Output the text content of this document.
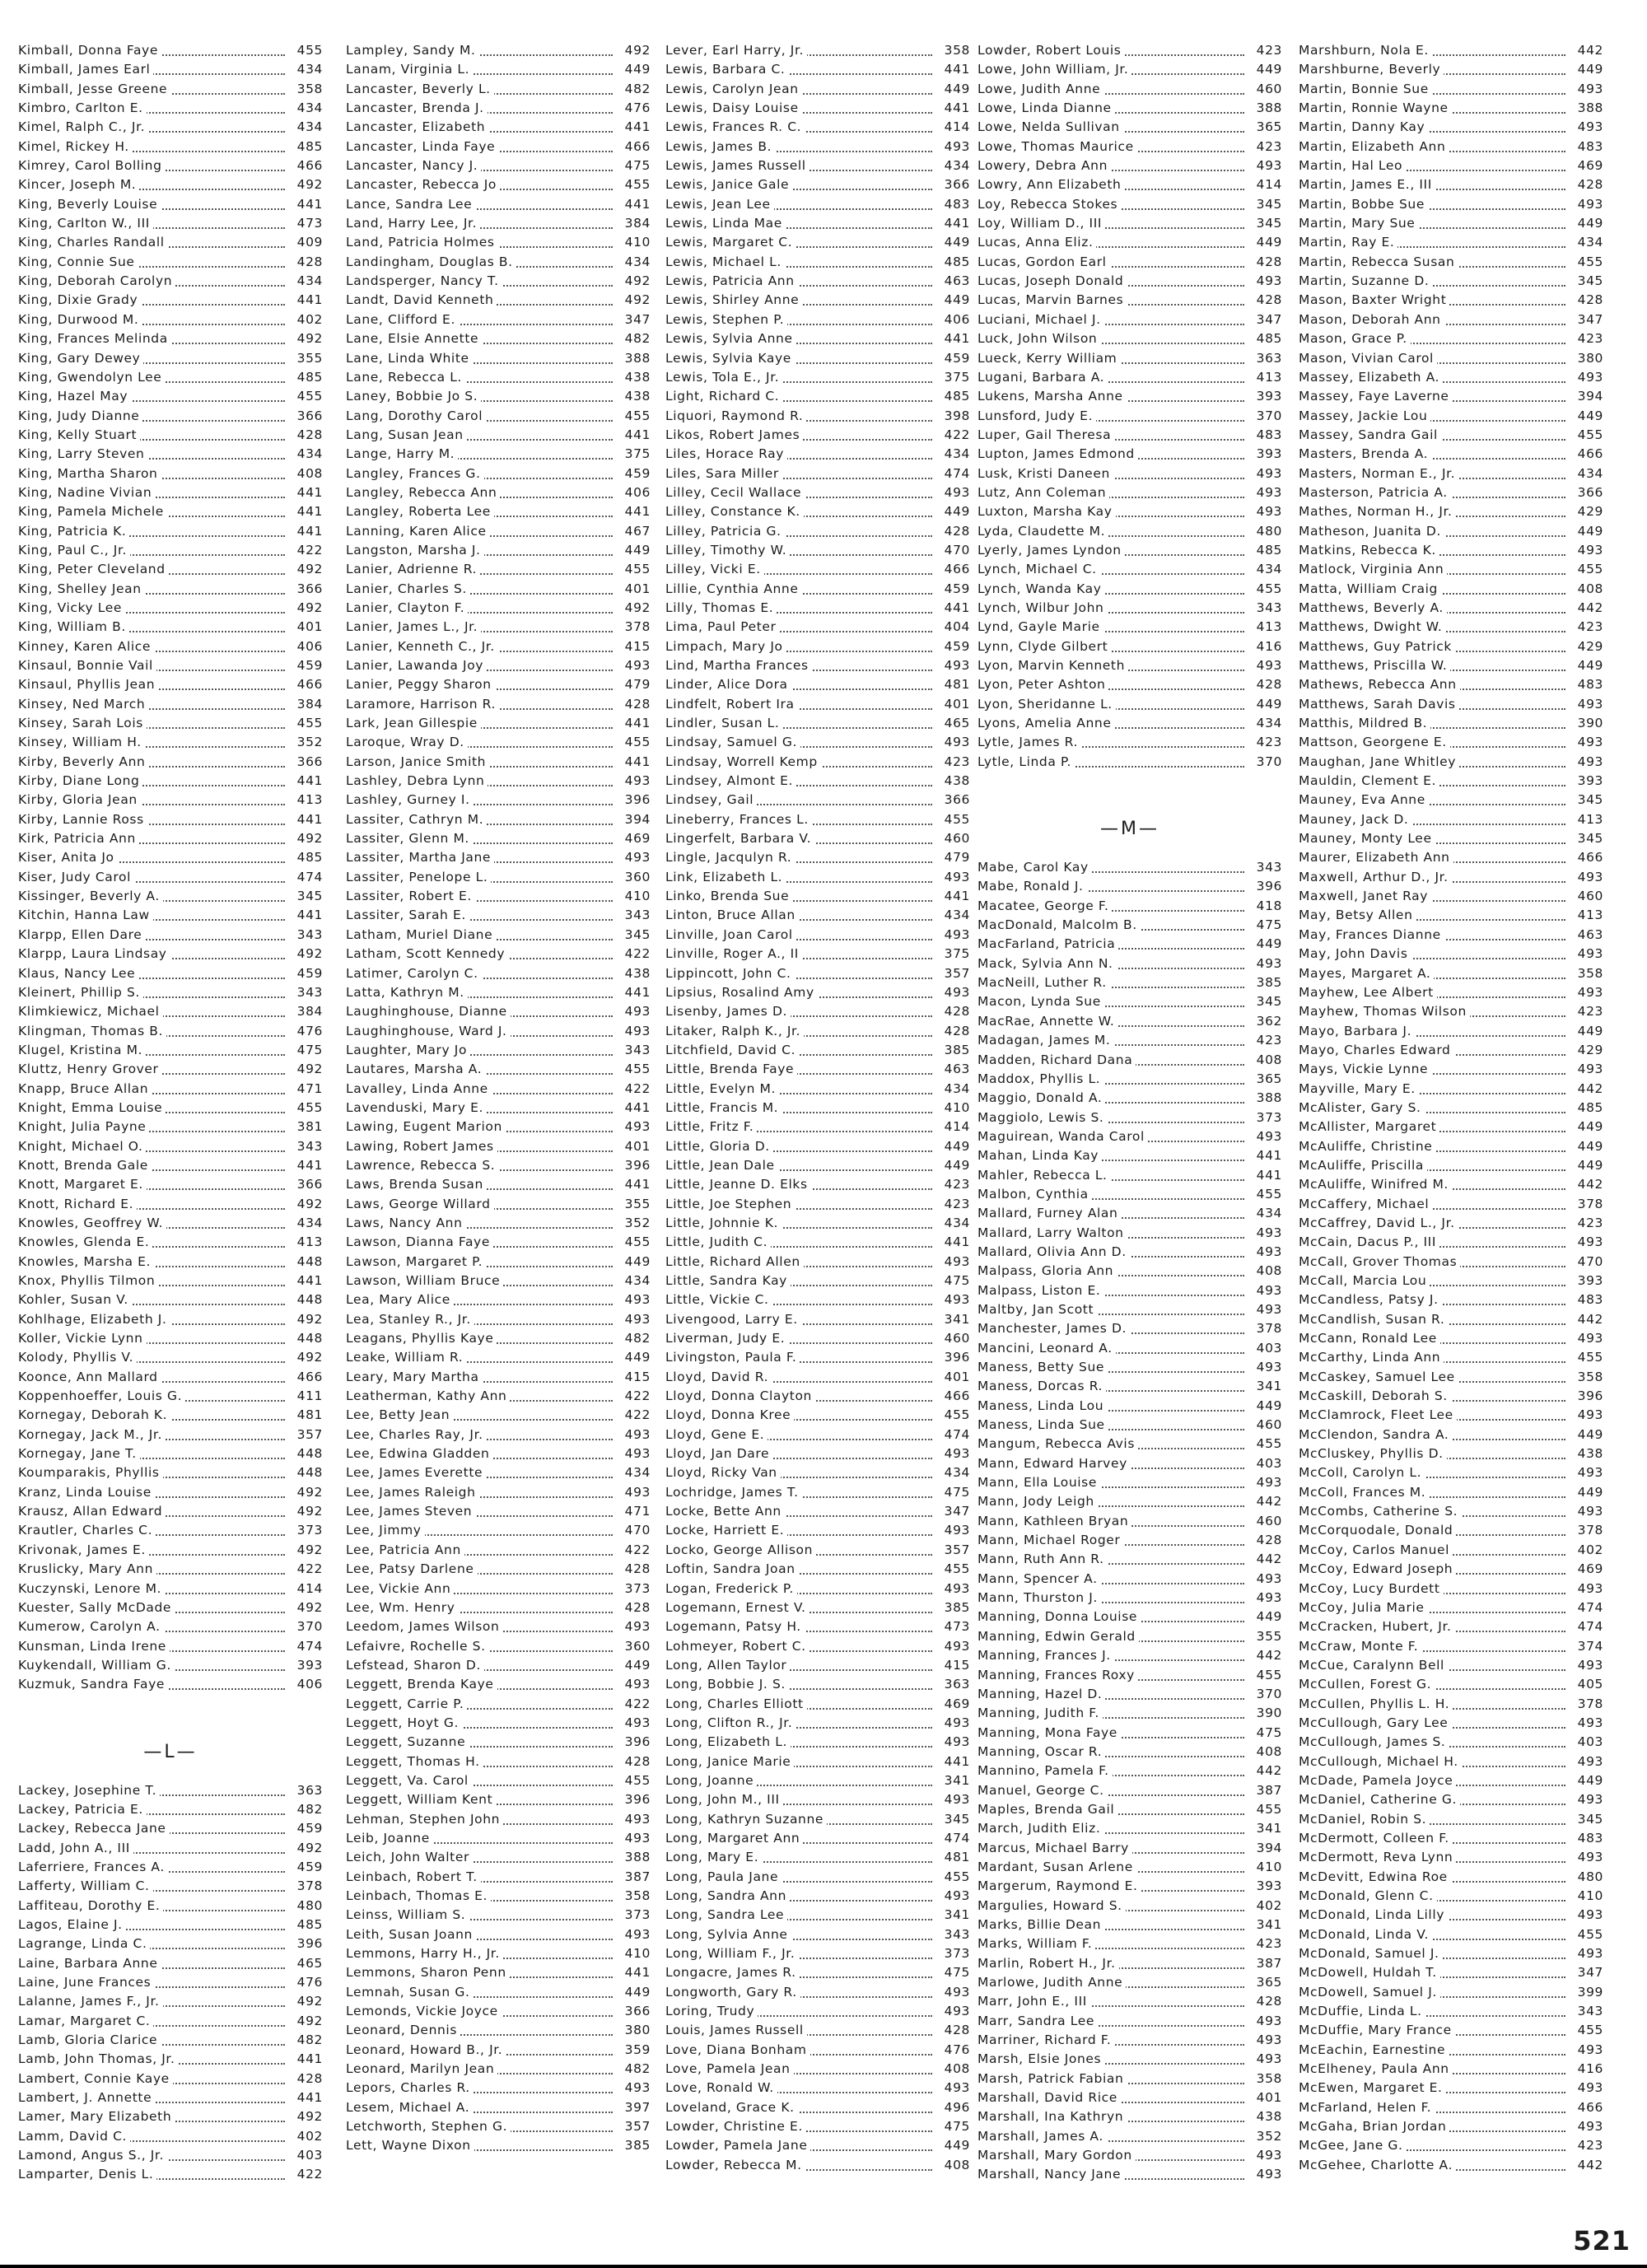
Kimball, Donna Faye	455
Kimball, James Earl	434
Kimball, Jesse Greene	358
Kimbro, Carlton E.	434
Kimel, Ralph C., Jr.	434
Kimel, Rickey H.	485
Kimrey, Carol Bolling	466
Kincer, Joseph M.	492
King, Beverly Louise	441
King, Carlton W., III	473
King, Charles Randall	409
King, Connie Sue	428
King, Deborah Carolyn	434
King, Dixie Grady	441
King, Durwood M.	402
King, Frances Melinda	492
King, Gary Dewey	355
King, Gwendolyn Lee	485
King, Hazel May	455
King, Judy Dianne	366
King, Kelly Stuart	428
King, Larry Steven	434
King, Martha Sharon	408
King, Nadine Vivian	441
King, Pamela Michele	441
King, Patricia K.	441
King, Paul C., Jr.	422
King, Peter Cleveland	492
King, Shelley Jean	366
King, Vicky Lee	492
King, William B.	401
Kinney, Karen Alice	406
Kinsaul, Bonnie Vail	459
Kinsaul, Phyllis Jean	466
Kinsey, Ned March	384
Kinsey, Sarah Lois	455
Kinsey, William H.	352
Kirby, Beverly Ann	366
Kirby, Diane Long	441
Kirby, Gloria Jean	413
Kirby, Lannie Ross	441
Kirk, Patricia Ann	492
Kiser, Anita Jo	485
Kiser, Judy Carol	474
Kissinger, Beverly A.	345
Kitchin, Hanna Law	441
Klarpp, Ellen Dare	343
Klarpp, Laura Lindsay	492
Klaus, Nancy Lee	459
Kleinert, Phillip S.	343
Klimkiewicz, Michael	384
Klingman, Thomas B.	476
Klugel, Kristina M.	475
Kluttz, Henry Grover	492
Knapp, Bruce Allan	471
Knight, Emma Louise	455
Knight, Julia Payne	381
Knight, Michael O.	343
Knott, Brenda Gale	441
Knott, Margaret E.	366
Knott, Richard E.	492
Knowles, Geoffrey W.	434
Knowles, Glenda E.	413
Knowles, Marsha E.	448
Knox, Phyllis Tilmon	441
Kohler, Susan V.	448
Kohlhage, Elizabeth J.	492
Koller, Vickie Lynn	448
Kolody, Phyllis V.	492
Koonce, Ann Mallard	466
Koppenhoeffer, Louis G.	411
Kornegay, Deborah K.	481
Kornegay, Jack M., Jr.	357
Kornegay, Jane T.	448
Koumparakis, Phyllis	448
Kranz, Linda Louise	492
Krausz, Allan Edward	492
Krautler, Charles C.	373
Krivonak, James E.	492
Kruslicky, Mary Ann	422
Kuczynski, Lenore M.	414
Kuester, Sally McDade	492
Kumerow, Carolyn A.	370
Kunsman, Linda Irene	474
Kuykendall, William G.	393
Kuzmuk, Sandra Faye	406
—L—
Lackey, Josephine T.	363
Lackey, Patricia E.	482
Lackey, Rebecca Jane	459
Ladd, John A., III	492
Laferriere, Frances A.	459
Lafferty, William C.	378
Laffiteau, Dorothy E.	480
Lagos, Elaine J.	485
Lagrange, Linda C.	396
Laine, Barbara Anne	465
Laine, June Frances	476
Lalanne, James F., Jr.	492
Lamar, Margaret C.	492
Lamb, Gloria Clarice	482
Lamb, John Thomas, Jr.	441
Lambert, Connie Kaye	428
Lambert, J. Annette	441
Lamer, Mary Elizabeth	492
Lamm, David C.	402
Lamond, Angus S., Jr.	403
Lamparter, Denis L.	422
Lampley, Sandy M.	492
Lanam, Virginia L.	449
Lancaster, Beverly L.	482
Lancaster, Brenda J.	476
Lancaster, Elizabeth	441
Lancaster, Linda Faye	466
Lancaster, Nancy J.	475
Lancaster, Rebecca Jo	455
Lance, Sandra Lee	441
Land, Harry Lee, Jr.	384
Land, Patricia Holmes	410
Landingham, Douglas B.	434
Landsperger, Nancy T.	492
Landt, David Kenneth	492
Lane, Clifford E.	347
Lane, Elsie Annette	482
Lane, Linda White	388
Lane, Rebecca L.	438
Laney, Bobbie Jo S.	438
Lang, Dorothy Carol	455
Lang, Susan Jean	441
Lange, Harry M.	375
Langley, Frances G.	459
Langley, Rebecca Ann	406
Langley, Roberta Lee	441
Lanning, Karen Alice	467
Langston, Marsha J.	449
Lanier, Adrienne R.	455
Lanier, Charles S.	401
Lanier, Clayton F.	492
Lanier, James L., Jr.	378
Lanier, Kenneth C., Jr.	415
Lanier, Lawanda Joy	493
Lanier, Peggy Sharon	479
Laramore, Harrison R.	428
Lark, Jean Gillespie	441
Laroque, Wray D.	455
Larson, Janice Smith	441
Lashley, Debra Lynn	493
Lashley, Gurney I.	396
Lassiter, Cathryn M.	394
Lassiter, Glenn M.	469
Lassiter, Martha Jane	493
Lassiter, Penelope L.	360
Lassiter, Robert E.	410
Lassiter, Sarah E.	343
Latham, Muriel Diane	345
Latham, Scott Kennedy	422
Latimer, Carolyn C.	438
Latta, Kathryn M.	441
Laughinghouse, Dianne	493
Laughinghouse, Ward J.	493
Laughter, Mary Jo	343
Lautares, Marsha A.	455
Lavalley, Linda Anne	422
Lavenduski, Mary E.	441
Lawing, Eugent Marion	493
Lawing, Robert James	401
Lawrence, Rebecca S.	396
Laws, Brenda Susan	441
Laws, George Willard	355
Laws, Nancy Ann	352
Lawson, Dianna Faye	455
Lawson, Margaret P.	449
Lawson, William Bruce	434
Lea, Mary Alice	493
Lea, Stanley R., Jr.	493
Leagans, Phyllis Kaye	482
Leake, William R.	449
Leary, Mary Martha	415
Leatherman, Kathy Ann	422
Lee, Betty Jean	422
Lee, Charles Ray, Jr.	493
Lee, Edwina Gladden	493
Lee, James Everette	434
Lee, James Raleigh	493
Lee, James Steven	471
Lee, Jimmy	470
Lee, Patricia Ann	422
Lee, Patsy Darlene	428
Lee, Vickie Ann	373
Lee, Wm. Henry	428
Leedom, James Wilson	493
Lefaivre, Rochelle S.	360
Lefstead, Sharon D.	449
Leggett, Brenda Kaye	493
Leggett, Carrie P.	422
Leggett, Hoyt G.	493
Leggett, Suzanne	396
Leggett, Thomas H.	428
Leggett, Va. Carol	455
Leggett, William Kent	396
Lehman, Stephen John	493
Leib, Joanne	493
Leich, John Walter	388
Leinbach, Robert T.	387
Leinbach, Thomas E.	358
Leinss, William S.	373
Leith, Susan Joann	493
Lemmons, Harry H., Jr.	410
Lemmons, Sharon Penn	441
Lemnah, Susan G.	449
Lemonds, Vickie Joyce	366
Leonard, Dennis	380
Leonard, Howard B., Jr.	359
Leonard, Marilyn Jean	482
Lepors, Charles R.	493
Lesem, Michael A.	397
Letchworth, Stephen G.	357
Lett, Wayne Dixon	385
Lever, Earl Harry, Jr.	358
Lewis, Barbara C.	441
Lewis, Carolyn Jean	449
Lewis, Daisy Louise	441
Lewis, Frances R. C.	414
Lewis, James B.	493
Lewis, James Russell	434
Lewis, Janice Gale	366
Lewis, Jean Lee	483
Lewis, Linda Mae	441
Lewis, Margaret C.	449
Lewis, Michael L.	485
Lewis, Patricia Ann	463
Lewis, Shirley Anne	449
Lewis, Stephen P.	406
Lewis, Sylvia Anne	441
Lewis, Sylvia Kaye	459
Lewis, Tola E., Jr.	375
Light, Richard C.	485
Liquori, Raymond R.	398
Likos, Robert James	422
Liles, Horace Ray	434
Liles, Sara Miller	474
Lilley, Cecil Wallace	493
Lilley, Constance K.	449
Lilley, Patricia G.	428
Lilley, Timothy W.	470
Lilley, Vicki E.	466
Lillie, Cynthia Anne	459
Lilly, Thomas E.	441
Lima, Paul Peter	404
Limpach, Mary Jo	459
Lind, Martha Frances	493
Linder, Alice Dora	481
Lindfelt, Robert Ira	401
Lindler, Susan L.	465
Lindsay, Samuel G.	493
Lindsay, Worrell Kemp	423
Lindsey, Almont E.	438
Lindsey, Gail	366
Lineberry, Frances L.	455
Lingerfelt, Barbara V.	460
Lingle, Jacqulyn R.	479
Link, Elizabeth L.	493
Linko, Brenda Sue	441
Linton, Bruce Allan	434
Linville, Joan Carol	493
Linville, Roger A., II	375
Lippincott, John C.	357
Lipsius, Rosalind Amy	493
Lisenby, James D.	428
Litaker, Ralph K., Jr.	428
Litchfield, David C.	385
Little, Brenda Faye	463
Little, Evelyn M.	434
Little, Francis M.	410
Little, Fritz F.	414
Little, Gloria D.	449
Little, Jean Dale	449
Little, Jeanne D. Elks	423
Little, Joe Stephen	423
Little, Johnnie K.	434
Little, Judith C.	441
Little, Richard Allen	493
Little, Sandra Kay	475
Little, Vickie C.	493
Livengood, Larry E.	341
Liverman, Judy E.	460
Livingston, Paula F.	396
Lloyd, David R.	401
Lloyd, Donna Clayton	466
Lloyd, Donna Kree	455
Lloyd, Gene E.	474
Lloyd, Jan Dare	493
Lloyd, Ricky Van	434
Lochridge, James T.	475
Locke, Bette Ann	347
Locke, Harriett E.	493
Locko, George Allison	357
Loftin, Sandra Joan	455
Logan, Frederick P.	493
Logemann, Ernest V.	385
Logemann, Patsy H.	473
Lohmeyer, Robert C.	493
Long, Allen Taylor	415
Long, Bobbie J. S.	363
Long, Charles Elliott	469
Long, Clifton R., Jr.	493
Long, Elizabeth L.	493
Long, Janice Marie	441
Long, Joanne	341
Long, John M., III	493
Long, Kathryn Suzanne	345
Long, Margaret Ann	474
Long, Mary E.	481
Long, Paula Jane	455
Long, Sandra Ann	493
Long, Sandra Lee	341
Long, Sylvia Anne	343
Long, William F., Jr.	373
Longacre, James R.	475
Longworth, Gary R.	493
Loring, Trudy	493
Louis, James Russell	428
Love, Diana Bonham	476
Love, Pamela Jean	408
Love, Ronald W.	493
Loveland, Grace K.	496
Lowder, Christine E.	475
Lowder, Pamela Jane	449
Lowder, Rebecca M.	408
Lowder, Robert Louis	423
Lowe, John William, Jr.	449
Lowe, Judith Anne	460
Lowe, Linda Dianne	388
Lowe, Nelda Sullivan	365
Lowe, Thomas Maurice	423
Lowery, Debra Ann	493
Lowry, Ann Elizabeth	414
Loy, Rebecca Stokes	345
Loy, William D., III	345
Lucas, Anna Eliz.	449
Lucas, Gordon Earl	428
Lucas, Joseph Donald	493
Lucas, Marvin Barnes	428
Luciani, Michael J.	347
Luck, John Wilson	485
Lueck, Kerry William	363
Lugani, Barbara A.	413
Lukens, Marsha Anne	393
Lunsford, Judy E.	370
Luper, Gail Theresa	483
Lupton, James Edmond	393
Lusk, Kristi Daneen	493
Lutz, Ann Coleman	493
Luxton, Marsha Kay	493
Lyda, Claudette M.	480
Lyerly, James Lyndon	485
Lynch, Michael C.	434
Lynch, Wanda Kay	455
Lynch, Wilbur John	343
Lynd, Gayle Marie	413
Lynn, Clyde Gilbert	416
Lyon, Marvin Kenneth	493
Lyon, Peter Ashton	428
Lyon, Sheridanne L.	449
Lyons, Amelia Anne	434
Lytle, James R.	423
Lytle, Linda P.	370
—M—
Mabe, Carol Kay	343
Mabe, Ronald J.	396
Macatee, George F.	418
MacDonald, Malcolm B.	475
MacFarland, Patricia	449
Mack, Sylvia Ann N.	493
MacNeill, Luther R.	385
Macon, Lynda Sue	345
MacRae, Annette W.	362
Madagan, James M.	423
Madden, Richard Dana	408
Maddox, Phyllis L.	365
Maggio, Donald A.	388
Maggiolo, Lewis S.	373
Maguirean, Wanda Carol	493
Mahan, Linda Kay	441
Mahler, Rebecca L.	441
Malbon, Cynthia	455
Mallard, Furney Alan	434
Mallard, Larry Walton	493
Mallard, Olivia Ann D.	493
Malpass, Gloria Ann	408
Malpass, Liston E.	493
Maltby, Jan Scott	493
Manchester, James D.	378
Mancini, Leonard A.	403
Maness, Betty Sue	493
Maness, Dorcas R.	341
Maness, Linda Lou	449
Maness, Linda Sue	460
Mangum, Rebecca Avis	455
Mann, Edward Harvey	403
Mann, Ella Louise	493
Mann, Jody Leigh	442
Mann, Kathleen Bryan	460
Mann, Michael Roger	428
Mann, Ruth Ann R.	442
Mann, Spencer A.	493
Mann, Thurston J.	493
Manning, Donna Louise	449
Manning, Edwin Gerald	355
Manning, Frances J.	442
Manning, Frances Roxy	455
Manning, Hazel D.	370
Manning, Judith F.	390
Manning, Mona Faye	475
Manning, Oscar R.	408
Mannino, Pamela F.	442
Manuel, George C.	387
Maples, Brenda Gail	455
March, Judith Eliz.	341
Marcus, Michael Barry	394
Mardant, Susan Arlene	410
Margerum, Raymond E.	393
Margulies, Howard S.	402
Marks, Billie Dean	341
Marks, William F.	423
Marlin, Robert H., Jr.	387
Marlowe, Judith Anne	365
Marr, John E., III	428
Marr, Sandra Lee	493
Marriner, Richard F.	493
Marsh, Elsie Jones	493
Marsh, Patrick Fabian	358
Marshall, David Rice	401
Marshall, Ina Kathryn	438
Marshall, James A.	352
Marshall, Mary Gordon	493
Marshall, Nancy Jane	493
Marshburn, Nola E.	442
Marshburne, Beverly	449
Martin, Bonnie Sue	493
Martin, Ronnie Wayne	388
Martin, Danny Kay	493
Martin, Elizabeth Ann	483
Martin, Hal Leo	469
Martin, James E., III	428
Martin, Bobbe Sue	493
Martin, Mary Sue	449
Martin, Ray E.	434
Martin, Rebecca Susan	455
Martin, Suzanne D.	345
Mason, Baxter Wright	428
Mason, Deborah Ann	347
Mason, Grace P.	423
Mason, Vivian Carol	380
Massey, Elizabeth A.	493
Massey, Faye Laverne	394
Massey, Jackie Lou	449
Massey, Sandra Gail	455
Masters, Brenda A.	466
Masters, Norman E., Jr.	434
Masterson, Patricia A.	366
Mathes, Norman H., Jr.	429
Matheson, Juanita D.	449
Matkins, Rebecca K.	493
Matlock, Virginia Ann	455
Matta, William Craig	408
Matthews, Beverly A.	442
Matthews, Dwight W.	423
Matthews, Guy Patrick	429
Matthews, Priscilla W.	449
Mathews, Rebecca Ann	483
Matthews, Sarah Davis	493
Matthis, Mildred B.	390
Mattson, Georgene E.	493
Maughan, Jane Whitley	493
Mauldin, Clement E.	393
Mauney, Eva Anne	345
Mauney, Jack D.	413
Mauney, Monty Lee	345
Maurer, Elizabeth Ann	466
Maxwell, Arthur D., Jr.	493
Maxwell, Janet Ray	460
May, Betsy Allen	413
May, Frances Dianne	463
May, John Davis	493
Mayes, Margaret A.	358
Mayhew, Lee Albert	493
Mayhew, Thomas Wilson	423
Mayo, Barbara J.	449
Mayo, Charles Edward	429
Mays, Vickie Lynne	493
Mayville, Mary E.	442
McAlister, Gary S.	485
McAllister, Margaret	449
McAuliffe, Christine	449
McAuliffe, Priscilla	449
McAuliffe, Winifred M.	442
McCaffery, Michael	378
McCaffrey, David L., Jr.	423
McCain, Dacus P., III	493
McCall, Grover Thomas	470
McCall, Marcia Lou	393
McCandless, Patsy J.	483
McCandlish, Susan R.	442
McCann, Ronald Lee	493
McCarthy, Linda Ann	455
McCaskey, Samuel Lee	358
McCaskill, Deborah S.	396
McClamrock, Fleet Lee	493
McClendon, Sandra A.	449
McCluskey, Phyllis D.	438
McColl, Carolyn L.	493
McColl, Frances M.	449
McCombs, Catherine S.	493
McCorquodale, Donald	378
McCoy, Carlos Manuel	402
McCoy, Edward Joseph	469
McCoy, Lucy Burdett	493
McCoy, Julia Marie	474
McCracken, Hubert, Jr.	474
McCraw, Monte F.	374
McCue, Caralynn Bell	493
McCullen, Forest G.	405
McCullen, Phyllis L. H.	378
McCullough, Gary Lee	493
McCullough, James S.	403
McCullough, Michael H.	493
McDade, Pamela Joyce	449
McDaniel, Catherine G.	493
McDaniel, Robin S.	345
McDermott, Colleen F.	483
McDermott, Reva Lynn	493
McDevitt, Edwina Roe	480
McDonald, Glenn C.	410
McDonald, Linda Lilly	493
McDonald, Linda V.	455
McDonald, Samuel J.	493
McDowell, Huldah T.	347
McDowell, Samuel J.	399
McDuffie, Linda L.	343
McDuffie, Mary France	455
McEachin, Earnestine	493
McElheney, Paula Ann	416
McEwen, Margaret E.	493
McFarland, Helen F.	466
McGaha, Brian Jordan	493
McGee, Jane G.	423
McGehee, Charlotte A.	442
521
